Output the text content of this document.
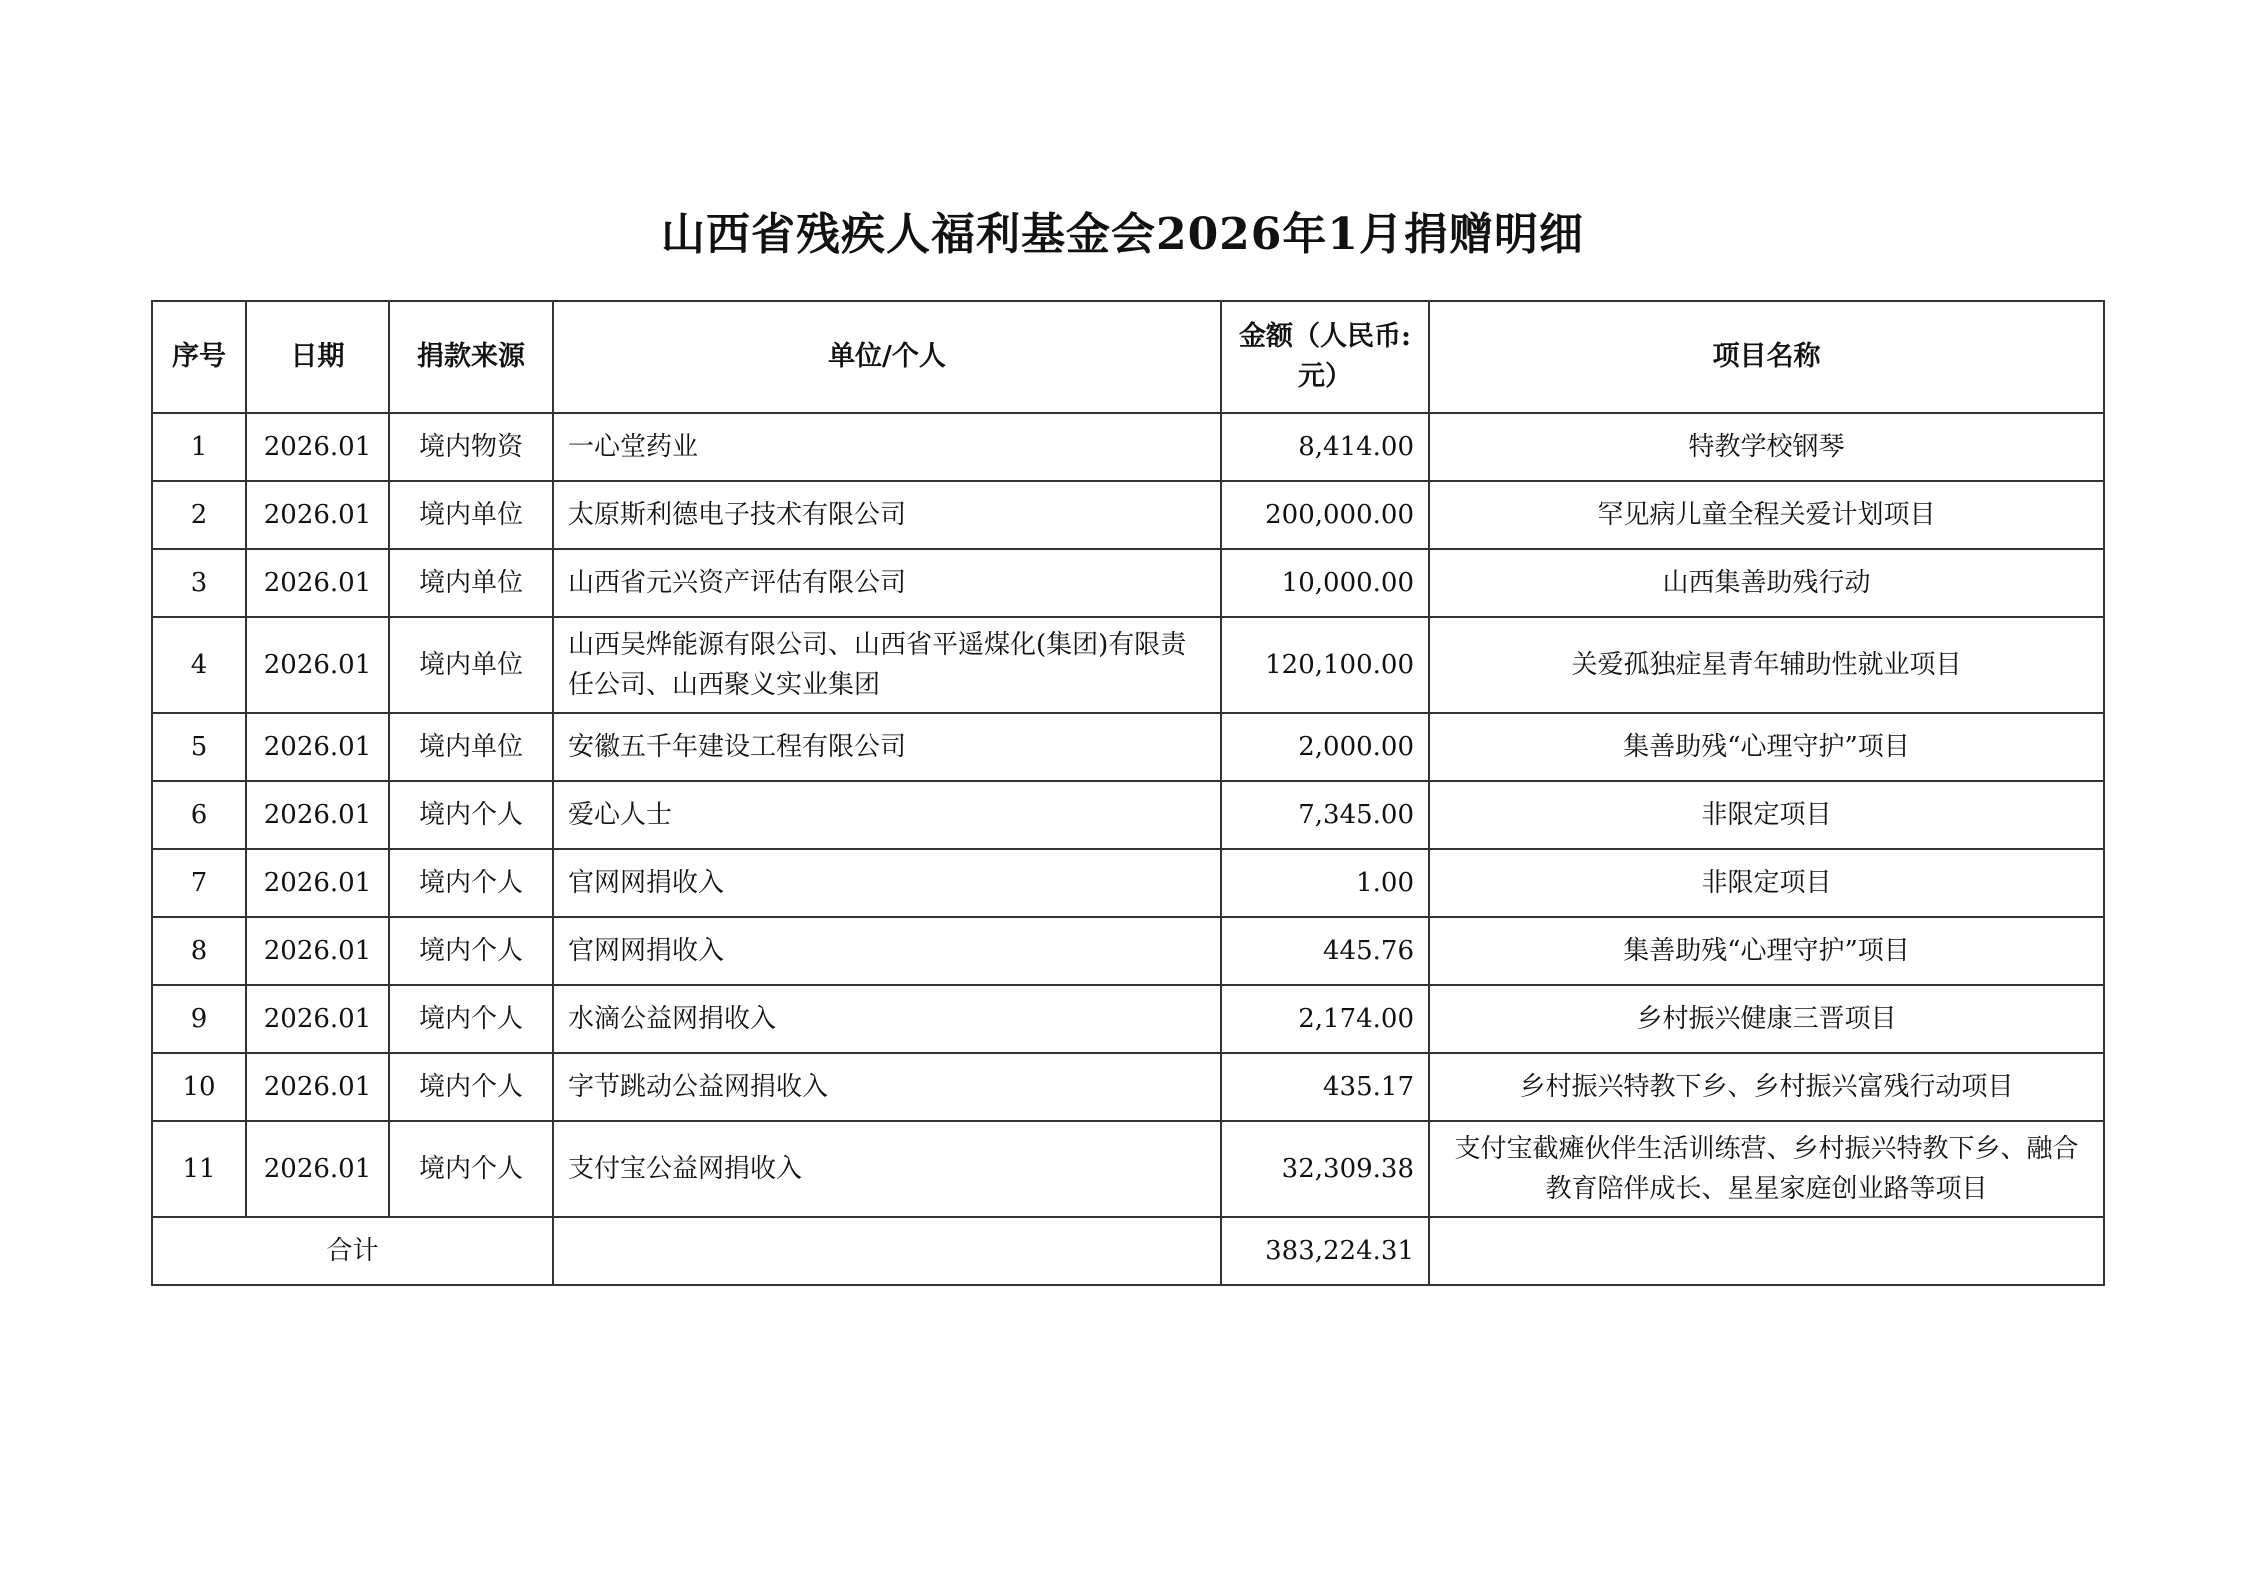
山西省残疾人福利基金会2026年1月捐赠明细
序号	日期	捐款来源	单位/个人	金额（人民币:元）	项目名称
1	2026.01	境内物资	一心堂药业	8,414.00	特教学校钢琴
2	2026.01	境内单位	太原斯利德电子技术有限公司	200,000.00	罕见病儿童全程关爱计划项目
3	2026.01	境内单位	山西省元兴资产评估有限公司	10,000.00	山西集善助残行动
4	2026.01	境内单位	山西吴烨能源有限公司、山西省平遥煤化(集团)有限责任公司、山西聚义实业集团	120,100.00	关爱孤独症星青年辅助性就业项目
5	2026.01	境内单位	安徽五千年建设工程有限公司	2,000.00	集善助残“心理守护”项目
6	2026.01	境内个人	爱心人士	7,345.00	非限定项目
7	2026.01	境内个人	官网网捐收入	1.00	非限定项目
8	2026.01	境内个人	官网网捐收入	445.76	集善助残“心理守护”项目
9	2026.01	境内个人	水滴公益网捐收入	2,174.00	乡村振兴健康三晋项目
10	2026.01	境内个人	字节跳动公益网捐收入	435.17	乡村振兴特教下乡、乡村振兴富残行动项目
11	2026.01	境内个人	支付宝公益网捐收入	32,309.38	支付宝截瘫伙伴生活训练营、乡村振兴特教下乡、融合教育陪伴成长、星星家庭创业路等项目
合计				383,224.31	
